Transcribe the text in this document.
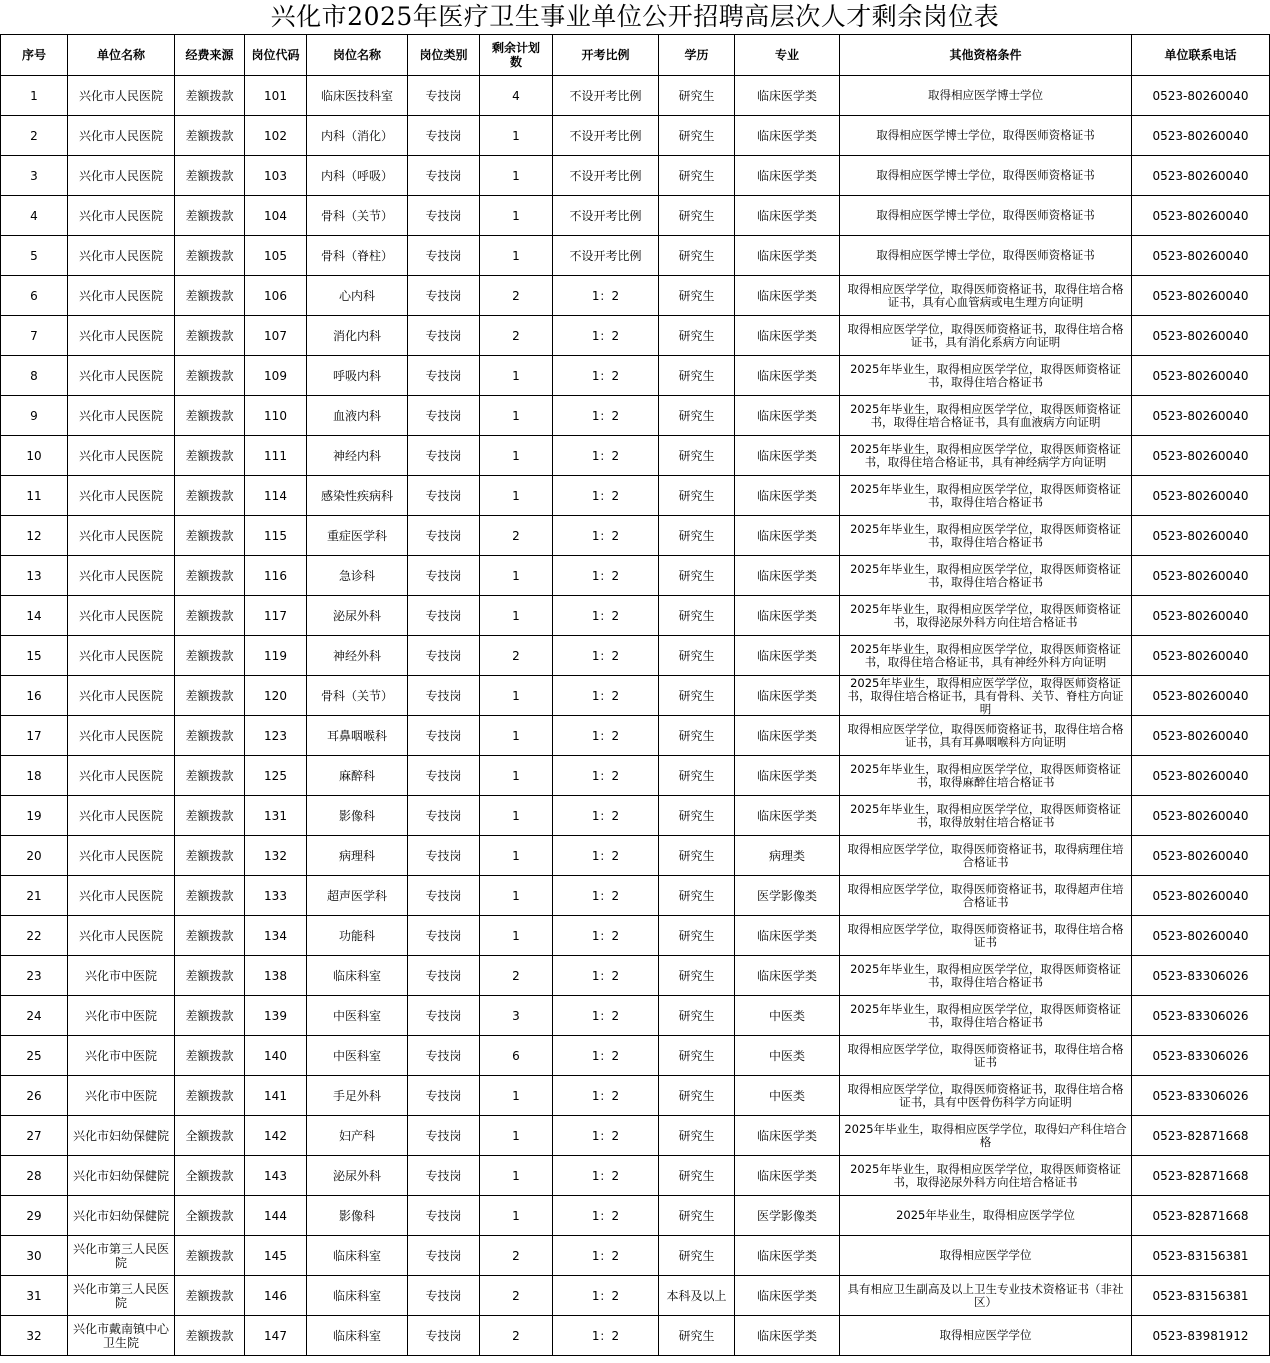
兴化市2025年医疗卫生事业单位公开招聘高层次人才剩余岗位表
序号	单位名称	经费来源	岗位代码	岗位名称	岗位类别	剩余计划数	开考比例	学历	专业	其他资格条件	单位联系电话
1	兴化市人民医院	差额拨款	101	临床医技科室	专技岗	4	不设开考比例	研究生	临床医学类	取得相应医学博士学位	0523-80260040
2	兴化市人民医院	差额拨款	102	内科（消化）	专技岗	1	不设开考比例	研究生	临床医学类	取得相应医学博士学位，取得医师资格证书	0523-80260040
3	兴化市人民医院	差额拨款	103	内科（呼吸）	专技岗	1	不设开考比例	研究生	临床医学类	取得相应医学博士学位，取得医师资格证书	0523-80260040
4	兴化市人民医院	差额拨款	104	骨科（关节）	专技岗	1	不设开考比例	研究生	临床医学类	取得相应医学博士学位，取得医师资格证书	0523-80260040
5	兴化市人民医院	差额拨款	105	骨科（脊柱）	专技岗	1	不设开考比例	研究生	临床医学类	取得相应医学博士学位，取得医师资格证书	0523-80260040
6	兴化市人民医院	差额拨款	106	心内科	专技岗	2	1：2	研究生	临床医学类	取得相应医学学位，取得医师资格证书，取得住培合格证书，具有心血管病或电生理方向证明	0523-80260040
7	兴化市人民医院	差额拨款	107	消化内科	专技岗	2	1：2	研究生	临床医学类	取得相应医学学位，取得医师资格证书，取得住培合格证书，具有消化系病方向证明	0523-80260040
8	兴化市人民医院	差额拨款	109	呼吸内科	专技岗	1	1：2	研究生	临床医学类	2025年毕业生，取得相应医学学位，取得医师资格证书，取得住培合格证书	0523-80260040
9	兴化市人民医院	差额拨款	110	血液内科	专技岗	1	1：2	研究生	临床医学类	2025年毕业生，取得相应医学学位，取得医师资格证书，取得住培合格证书，具有血液病方向证明	0523-80260040
10	兴化市人民医院	差额拨款	111	神经内科	专技岗	1	1：2	研究生	临床医学类	2025年毕业生，取得相应医学学位，取得医师资格证书，取得住培合格证书，具有神经病学方向证明	0523-80260040
11	兴化市人民医院	差额拨款	114	感染性疾病科	专技岗	1	1：2	研究生	临床医学类	2025年毕业生，取得相应医学学位，取得医师资格证书，取得住培合格证书	0523-80260040
12	兴化市人民医院	差额拨款	115	重症医学科	专技岗	2	1：2	研究生	临床医学类	2025年毕业生，取得相应医学学位，取得医师资格证书，取得住培合格证书	0523-80260040
13	兴化市人民医院	差额拨款	116	急诊科	专技岗	1	1：2	研究生	临床医学类	2025年毕业生，取得相应医学学位，取得医师资格证书，取得住培合格证书	0523-80260040
14	兴化市人民医院	差额拨款	117	泌尿外科	专技岗	1	1：2	研究生	临床医学类	2025年毕业生，取得相应医学学位，取得医师资格证书，取得泌尿外科方向住培合格证书	0523-80260040
15	兴化市人民医院	差额拨款	119	神经外科	专技岗	2	1：2	研究生	临床医学类	2025年毕业生，取得相应医学学位，取得医师资格证书，取得住培合格证书，具有神经外科方向证明	0523-80260040
16	兴化市人民医院	差额拨款	120	骨科（关节）	专技岗	1	1：2	研究生	临床医学类	2025年毕业生，取得相应医学学位，取得医师资格证书，取得住培合格证书，具有骨科、关节、脊柱方向证明	0523-80260040
17	兴化市人民医院	差额拨款	123	耳鼻咽喉科	专技岗	1	1：2	研究生	临床医学类	取得相应医学学位，取得医师资格证书，取得住培合格证书，具有耳鼻咽喉科方向证明	0523-80260040
18	兴化市人民医院	差额拨款	125	麻醉科	专技岗	1	1：2	研究生	临床医学类	2025年毕业生，取得相应医学学位，取得医师资格证书，取得麻醉住培合格证书	0523-80260040
19	兴化市人民医院	差额拨款	131	影像科	专技岗	1	1：2	研究生	临床医学类	2025年毕业生，取得相应医学学位，取得医师资格证书，取得放射住培合格证书	0523-80260040
20	兴化市人民医院	差额拨款	132	病理科	专技岗	1	1：2	研究生	病理类	取得相应医学学位，取得医师资格证书，取得病理住培合格证书	0523-80260040
21	兴化市人民医院	差额拨款	133	超声医学科	专技岗	1	1：2	研究生	医学影像类	取得相应医学学位，取得医师资格证书，取得超声住培合格证书	0523-80260040
22	兴化市人民医院	差额拨款	134	功能科	专技岗	1	1：2	研究生	临床医学类	取得相应医学学位，取得医师资格证书，取得住培合格证书	0523-80260040
23	兴化市中医院	差额拨款	138	临床科室	专技岗	2	1：2	研究生	临床医学类	2025年毕业生，取得相应医学学位，取得医师资格证书，取得住培合格证书	0523-83306026
24	兴化市中医院	差额拨款	139	中医科室	专技岗	3	1：2	研究生	中医类	2025年毕业生，取得相应医学学位，取得医师资格证书，取得住培合格证书	0523-83306026
25	兴化市中医院	差额拨款	140	中医科室	专技岗	6	1：2	研究生	中医类	取得相应医学学位，取得医师资格证书，取得住培合格证书	0523-83306026
26	兴化市中医院	差额拨款	141	手足外科	专技岗	1	1：2	研究生	中医类	取得相应医学学位，取得医师资格证书，取得住培合格证书，具有中医骨伤科学方向证明	0523-83306026
27	兴化市妇幼保健院	全额拨款	142	妇产科	专技岗	1	1：2	研究生	临床医学类	2025年毕业生，取得相应医学学位，取得妇产科住培合格	0523-82871668
28	兴化市妇幼保健院	全额拨款	143	泌尿外科	专技岗	1	1：2	研究生	临床医学类	2025年毕业生，取得相应医学学位，取得医师资格证书，取得泌尿外科方向住培合格证书	0523-82871668
29	兴化市妇幼保健院	全额拨款	144	影像科	专技岗	1	1：2	研究生	医学影像类	2025年毕业生，取得相应医学学位	0523-82871668
30	兴化市第三人民医院	差额拨款	145	临床科室	专技岗	2	1：2	研究生	临床医学类	取得相应医学学位	0523-83156381
31	兴化市第三人民医院	差额拨款	146	临床科室	专技岗	2	1：2	本科及以上	临床医学类	具有相应卫生副高及以上卫生专业技术资格证书（非社区）	0523-83156381
32	兴化市戴南镇中心卫生院	差额拨款	147	临床科室	专技岗	2	1：2	研究生	临床医学类	取得相应医学学位	0523-83981912
